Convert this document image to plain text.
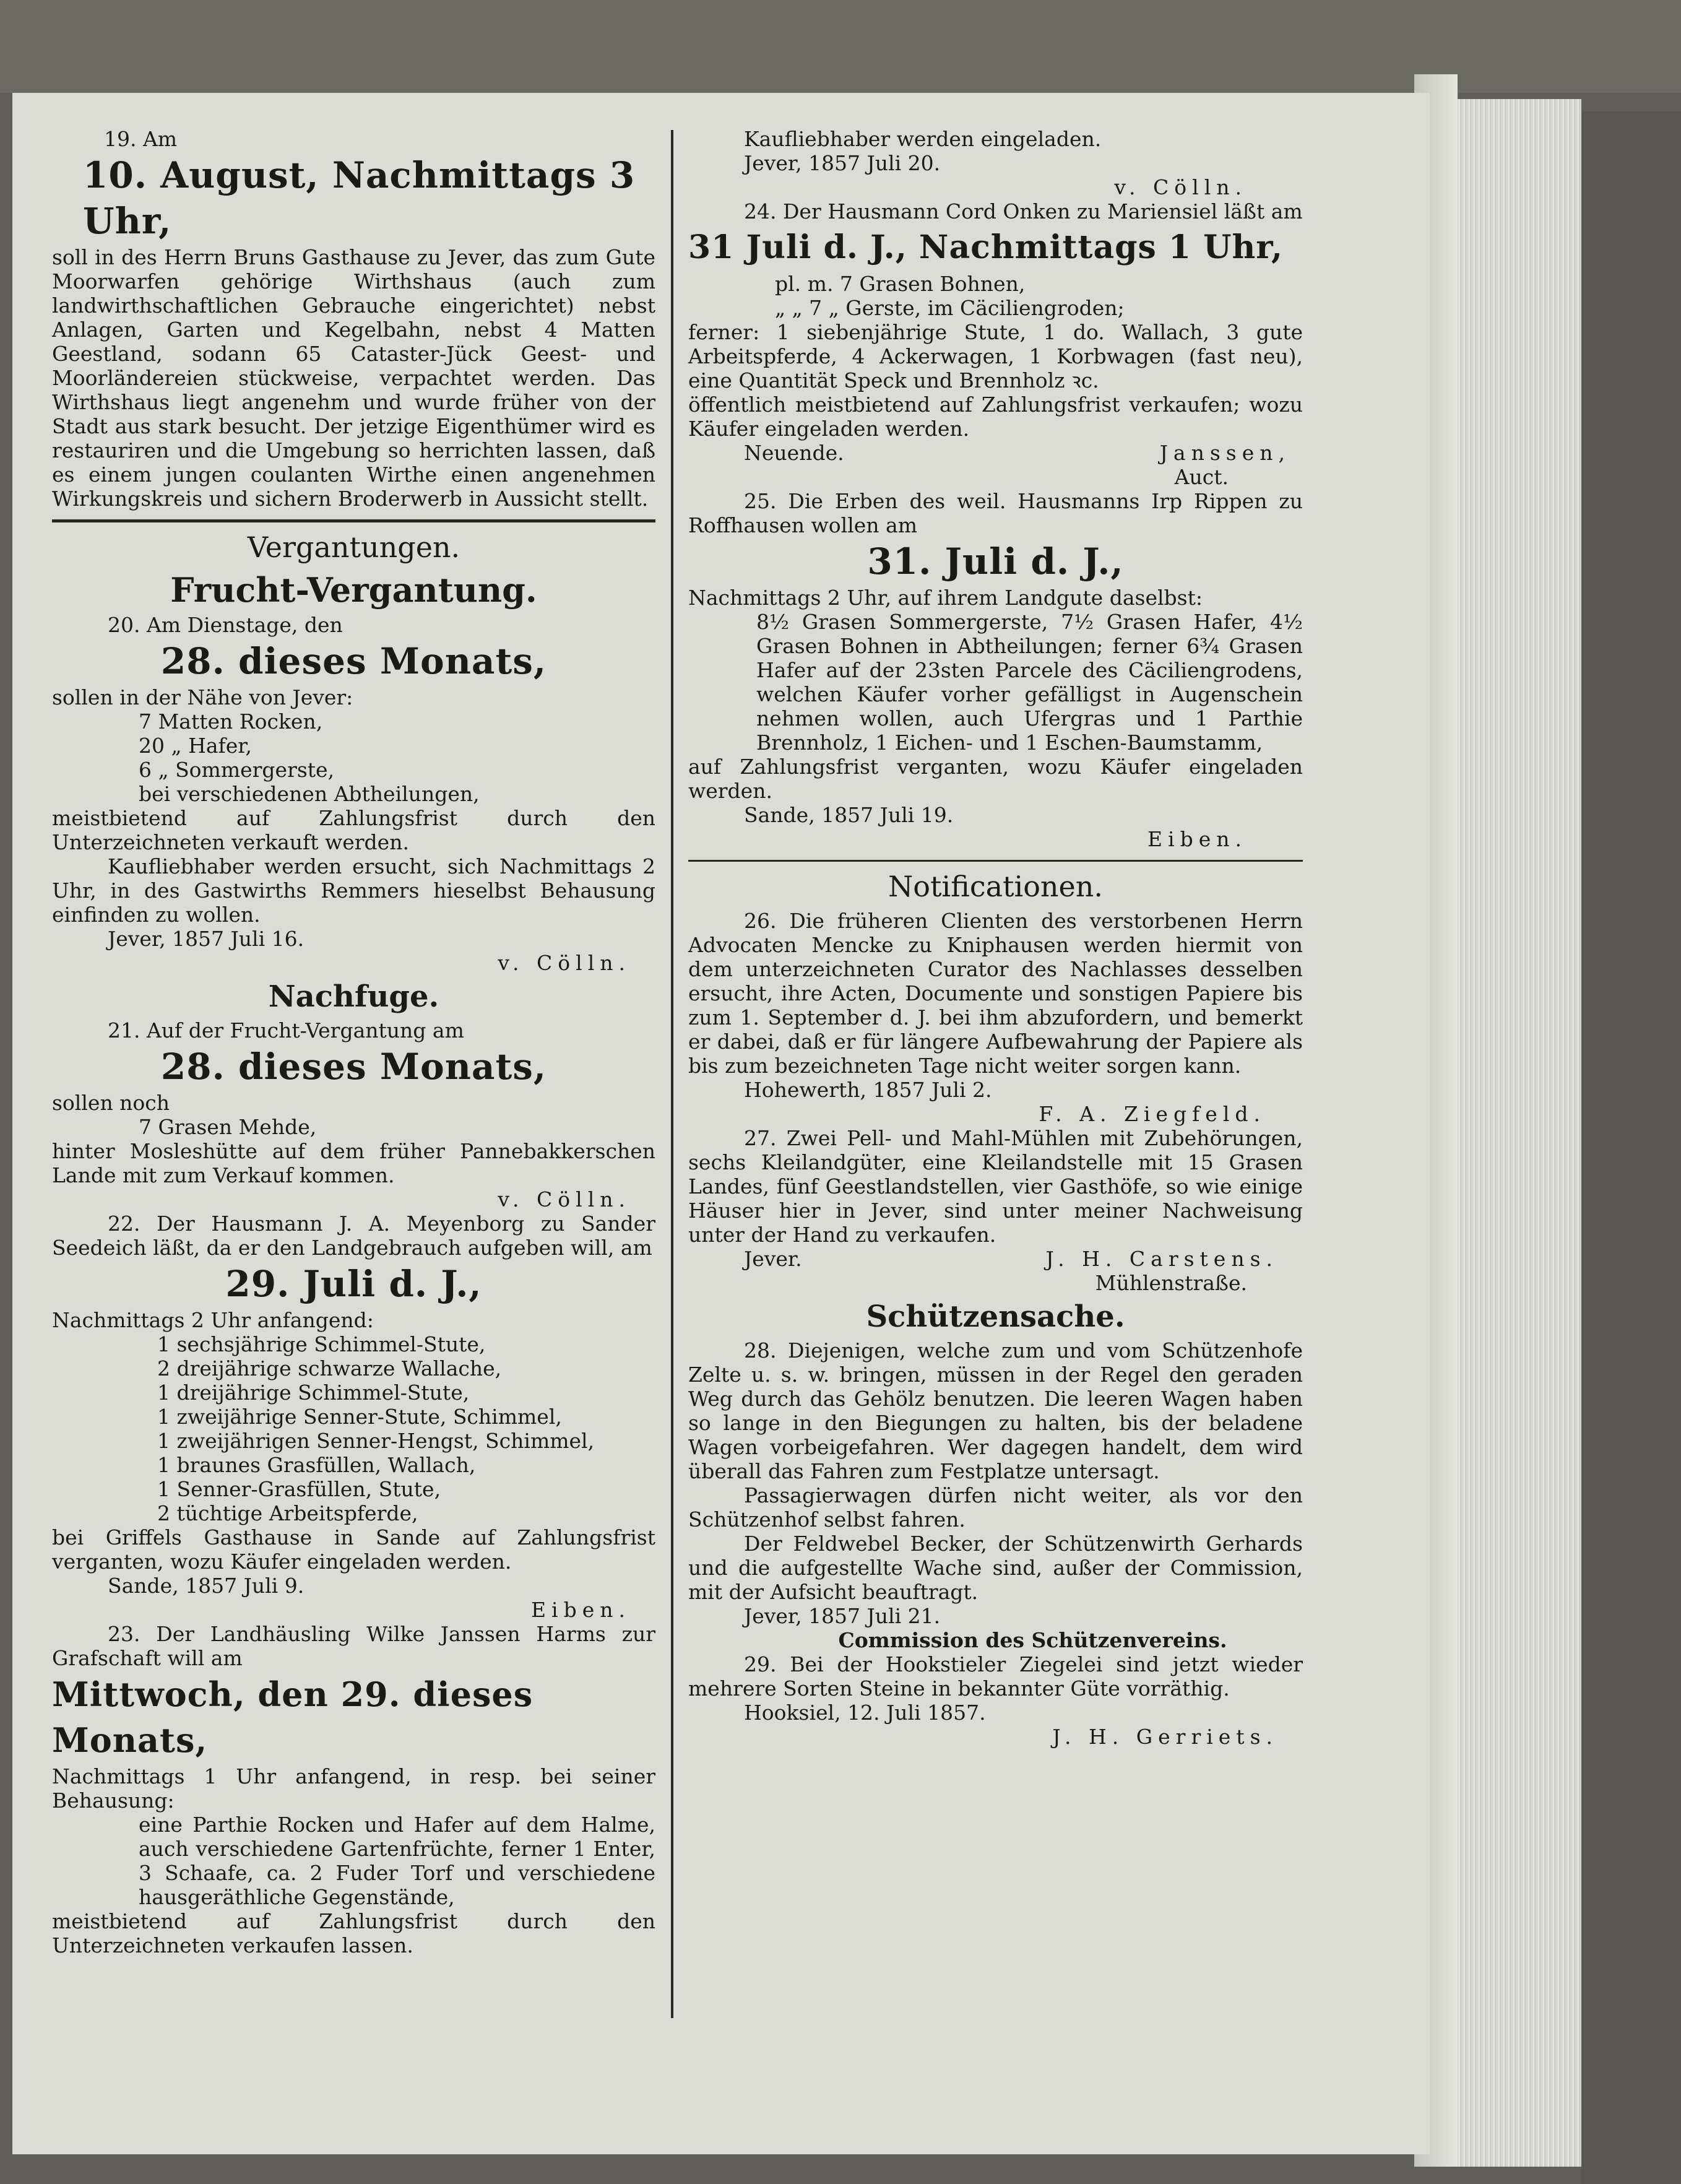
19. Am

10. August, Nachmittags 3 Uhr,

soll in des Herrn Bruns Gasthause zu Jever, das zum Gute Moorwarfen gehörige Wirthshaus (auch zum landwirthschaftlichen Gebrauche eingerichtet) nebst Anlagen, Garten und Kegelbahn, nebst 4 Matten Geestland, sodann 65 Cataster-Jück Geest- und Moorländereien stückweise, verpachtet werden. Das Wirthshaus liegt angenehm und wurde früher von der Stadt aus stark besucht. Der jetzige Eigenthümer wird es restauriren und die Umgebung so herrichten lassen, daß es einem jungen coulanten Wirthe einen angenehmen Wirkungskreis und sichern Broderwerb in Aussicht stellt.

Vergantungen.

Frucht-Vergantung.

20. Am Dienstage, den

28. dieses Monats,

sollen in der Nähe von Jever:

7 Matten Rocken,

20 „ Hafer,

6 „ Sommergerste,

bei verschiedenen Abtheilungen,

meistbietend auf Zahlungsfrist durch den Unterzeichneten verkauft werden.

Kaufliebhaber werden ersucht, sich Nachmittags 2 Uhr, in des Gastwirths Remmers hieselbst Behausung einfinden zu wollen.

Jever, 1857 Juli 16.

v. Cölln.

Nachfuge.

21. Auf der Frucht-Vergantung am

28. dieses Monats,

sollen noch

7 Grasen Mehde,

hinter Mosleshütte auf dem früher Pannebakkerschen Lande mit zum Verkauf kommen.

v. Cölln.

22. Der Hausmann J. A. Meyenborg zu Sander Seedeich läßt, da er den Landgebrauch aufgeben will, am

29. Juli d. J.,

Nachmittags 2 Uhr anfangend:

1 sechsjährige Schimmel-Stute,

2 dreijährige schwarze Wallache,

1 dreijährige Schimmel-Stute,

1 zweijährige Senner-Stute, Schimmel,

1 zweijährigen Senner-Hengst, Schimmel,

1 braunes Grasfüllen, Wallach,

1 Senner-Grasfüllen, Stute,

2 tüchtige Arbeitspferde,

bei Griffels Gasthause in Sande auf Zahlungsfrist verganten, wozu Käufer eingeladen werden.

Sande, 1857 Juli 9.

Eiben.

23. Der Landhäusling Wilke Janssen Harms zur Grafschaft will am

Mittwoch, den 29. dieses Monats,

Nachmittags 1 Uhr anfangend, in resp. bei seiner Behausung:

eine Parthie Rocken und Hafer auf dem Halme, auch verschiedene Gartenfrüchte, ferner 1 Enter, 3 Schaafe, ca. 2 Fuder Torf und verschiedene hausgeräthliche Gegenstände,

meistbietend auf Zahlungsfrist durch den Unterzeichneten verkaufen lassen.

Kaufliebhaber werden eingeladen.

Jever, 1857 Juli 20.

v. Cölln.

24. Der Hausmann Cord Onken zu Mariensiel läßt am

31 Juli d. J., Nachmittags 1 Uhr,

pl. m. 7 Grasen Bohnen,

„ „ 7 „ Gerste, im Cäciliengroden;

ferner: 1 siebenjährige Stute, 1 do. Wallach, 3 gute Arbeitspferde, 4 Ackerwagen, 1 Korbwagen (fast neu), eine Quantität Speck und Brennholz ꝛc.

öffentlich meistbietend auf Zahlungsfrist verkaufen; wozu Käufer eingeladen werden.

Neuende.	Janssen,

Auct.

25. Die Erben des weil. Hausmanns Irp Rippen zu Roffhausen wollen am

31. Juli d. J.,

Nachmittags 2 Uhr, auf ihrem Landgute daselbst:

8½ Grasen Sommergerste, 7½ Grasen Hafer, 4½ Grasen Bohnen in Abtheilungen; ferner 6¾ Grasen Hafer auf der 23sten Parcele des Cäciliengrodens, welchen Käufer vorher gefälligst in Augenschein nehmen wollen, auch Ufergras und 1 Parthie Brennholz, 1 Eichen- und 1 Eschen-Baumstamm,

auf Zahlungsfrist verganten, wozu Käufer eingeladen werden.

Sande, 1857 Juli 19.

Eiben.

Notificationen.

26. Die früheren Clienten des verstorbenen Herrn Advocaten Mencke zu Kniphausen werden hiermit von dem unterzeichneten Curator des Nachlasses desselben ersucht, ihre Acten, Documente und sonstigen Papiere bis zum 1. September d. J. bei ihm abzufordern, und bemerkt er dabei, daß er für längere Aufbewahrung der Papiere als bis zum bezeichneten Tage nicht weiter sorgen kann.

Hohewerth, 1857 Juli 2.

F. A. Ziegfeld.

27. Zwei Pell- und Mahl-Mühlen mit Zubehörungen, sechs Kleilandgüter, eine Kleilandstelle mit 15 Grasen Landes, fünf Geestlandstellen, vier Gasthöfe, so wie einige Häuser hier in Jever, sind unter meiner Nachweisung unter der Hand zu verkaufen.

Jever.	J. H. Carstens.

Mühlenstraße.

Schützensache.

28. Diejenigen, welche zum und vom Schützenhofe Zelte u. s. w. bringen, müssen in der Regel den geraden Weg durch das Gehölz benutzen. Die leeren Wagen haben so lange in den Biegungen zu halten, bis der beladene Wagen vorbeigefahren. Wer dagegen handelt, dem wird überall das Fahren zum Festplatze untersagt.

Passagierwagen dürfen nicht weiter, als vor den Schützenhof selbst fahren.

Der Feldwebel Becker, der Schützenwirth Gerhards und die aufgestellte Wache sind, außer der Commission, mit der Aufsicht beauftragt.

Jever, 1857 Juli 21.

Commission des Schützenvereins.

29. Bei der Hookstieler Ziegelei sind jetzt wieder mehrere Sorten Steine in bekannter Güte vorräthig.

Hooksiel, 12. Juli 1857.

J. H. Gerriets.
